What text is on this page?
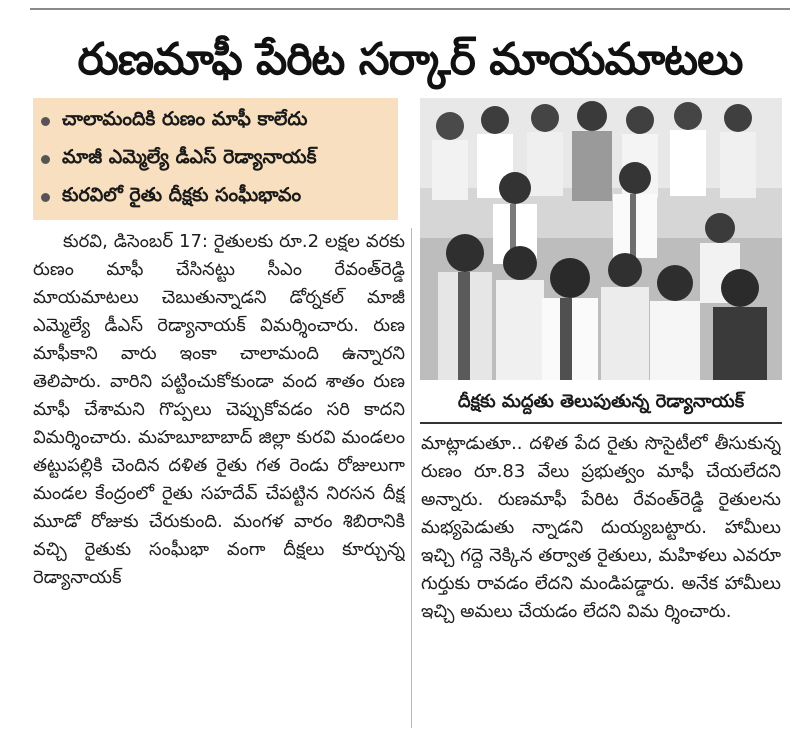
రుణమాఫీ పేరిట సర్కార్ మాయమాటలు
చాలామందికి రుణం మాఫీ కాలేదు
మాజీ ఎమ్మెల్యే డీఎస్ రెడ్యానాయక్
కురవిలో రైతు దీక్షకు సంఘీభావం

కురవి, డిసెంబర్ 17: రైతులకు రూ.2 లక్షల వరకు రుణం మాఫీ చేసినట్టు సీఎం రేవంత్‌రెడ్డి మాయమాటలు చెబుతున్నాడని డోర్నకల్ మాజీ ఎమ్మెల్యే డీఎస్ రెడ్యానాయక్ విమర్శించారు. రుణ మాఫీకాని వారు ఇంకా చాలామంది ఉన్నారని తెలిపారు. వారిని పట్టించుకోకుండా వంద శాతం రుణ మాఫీ చేశామని గొప్పలు చెప్పుకోవడం సరి కాదని విమర్శించారు. మహబూబాబాద్ జిల్లా కురవి మండలం తట్టుపల్లికి చెందిన దళిత రైతు గత రెండు రోజులుగా మండల కేంద్రంలో రైతు సహదేవ్ చేపట్టిన నిరసన దీక్ష మూడో రోజుకు చేరుకుంది. మంగళ వారం శిబిరానికి వచ్చి రైతుకు సంఘీభా వంగా దీక్షలు కూర్చున్న రెడ్యానాయక్

దీక్షకు మద్దతు తెలుపుతున్న రెడ్యానాయక్

మాట్లాడుతూ.. దళిత పేద రైతు సొసైటీలో తీసుకున్న రుణం రూ.83 వేలు ప్రభుత్వం మాఫీ చేయలేదని అన్నారు. రుణమాఫీ పేరిట రేవంత్‌రెడ్డి రైతులను మభ్యపెడుతు న్నాడని దుయ్యబట్టారు. హామీలు ఇచ్చి గద్దె నెక్కిన తర్వాత రైతులు, మహిళలు ఎవరూ గుర్తుకు రావడం లేదని మండిపడ్డారు. అనేక హామీలు ఇచ్చి అమలు చేయడం లేదని విమ ర్శించారు.
